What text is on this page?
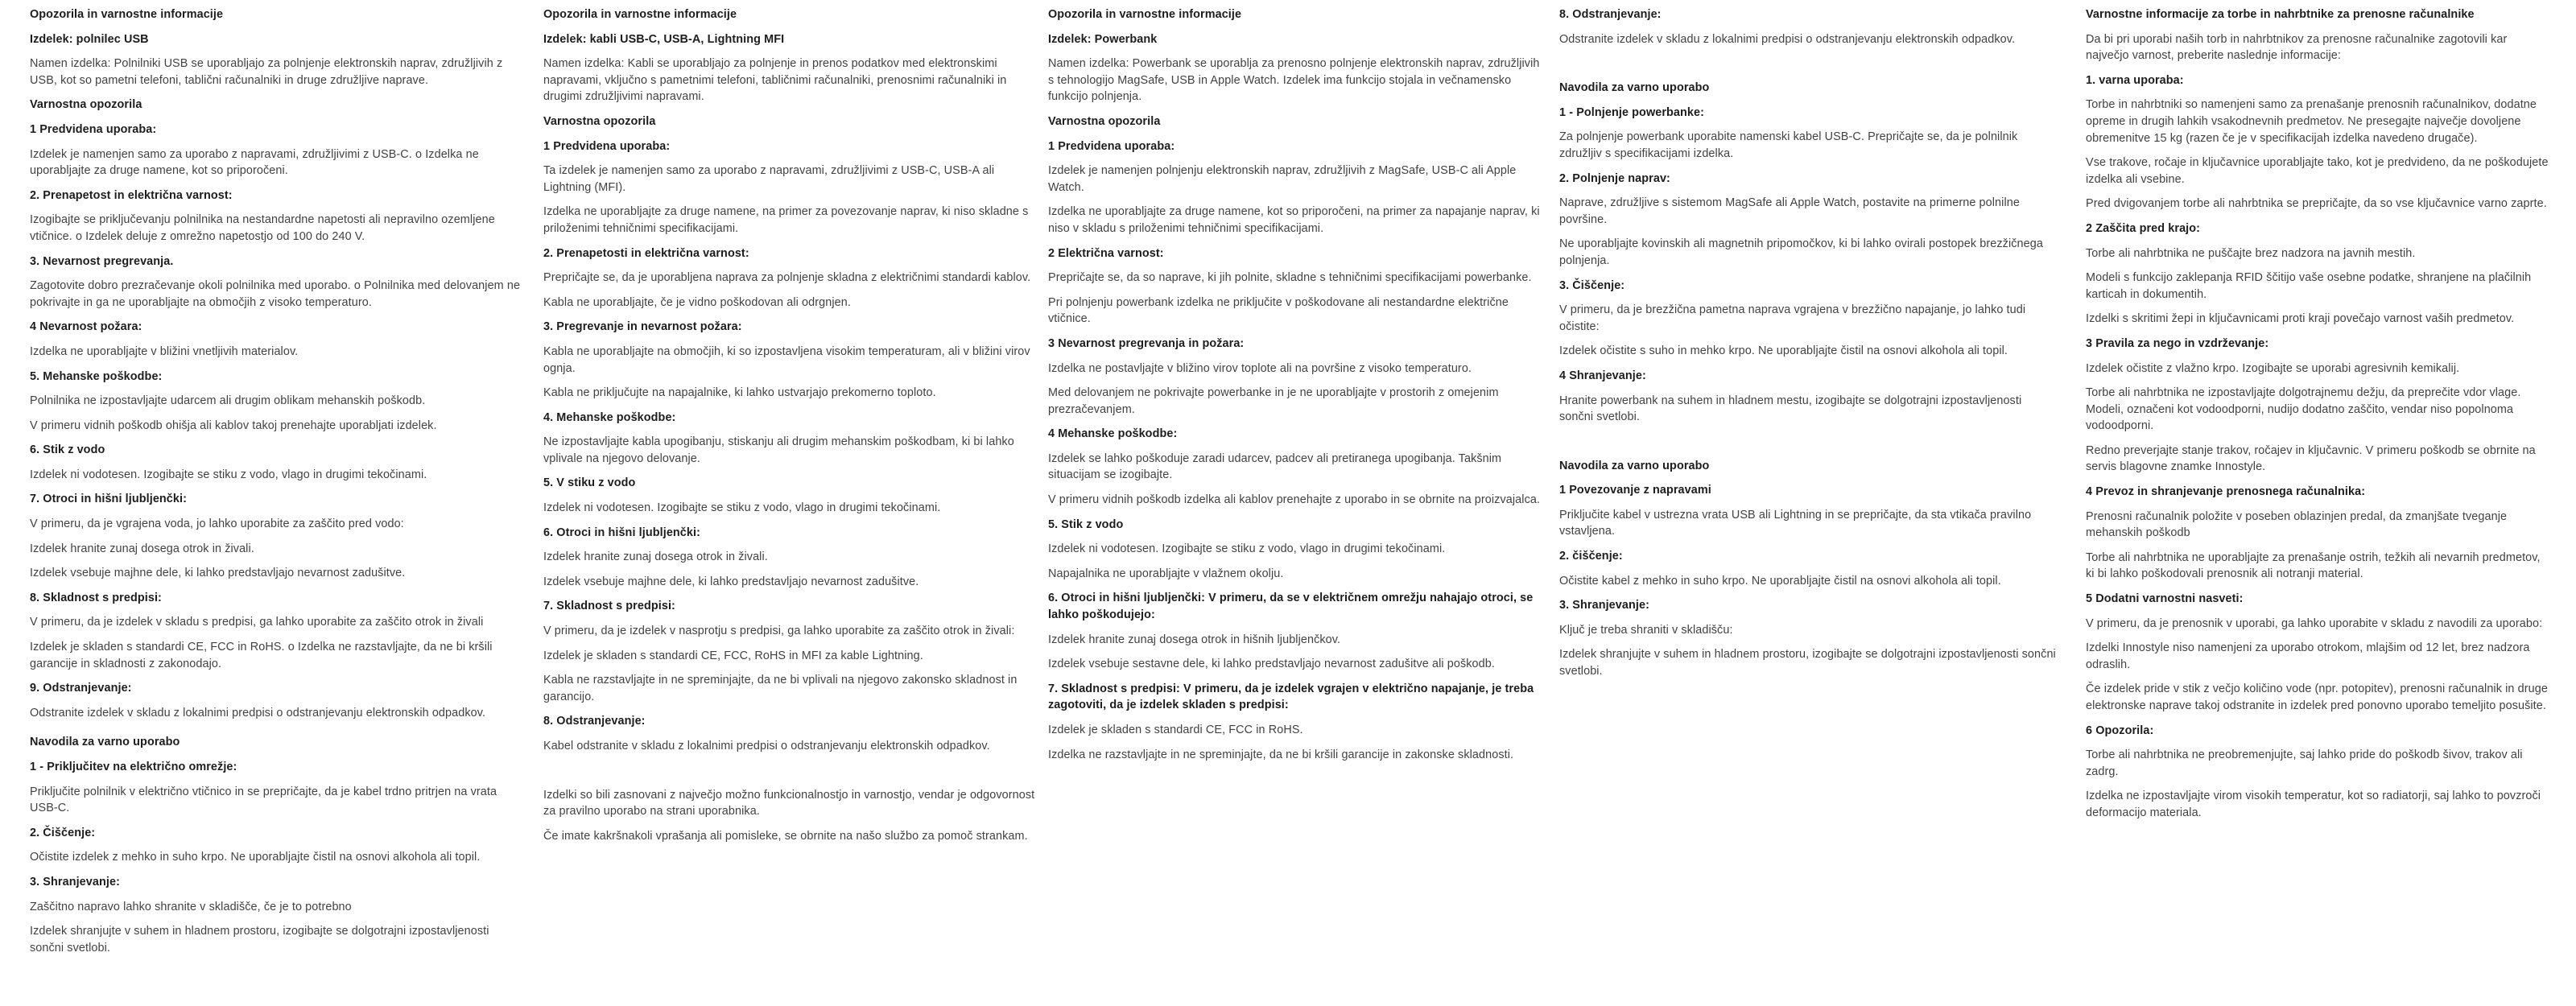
Opozorila in varnostne informacije
Izdelek: polnilec USB
Namen izdelka: Polnilniki USB se uporabljajo za polnjenje elektronskih naprav, združljivih z USB, kot so pametni telefoni, tablični računalniki in druge združljive naprave.
Varnostna opozorila
1 Predvidena uporaba:
Izdelek je namenjen samo za uporabo z napravami, združljivimi z USB-C. o Izdelka ne uporabljajte za druge namene, kot so priporočeni.
2. Prenapetost in električna varnost:
Izogibajte se priključevanju polnilnika na nestandardne napetosti ali nepravilno ozemljene vtičnice. o Izdelek deluje z omrežno napetostjo od 100 do 240 V.
3. Nevarnost pregrevanja.
Zagotovite dobro prezračevanje okoli polnilnika med uporabo. o Polnilnika med delovanjem ne pokrivajte in ga ne uporabljajte na območjih z visoko temperaturo.
4 Nevarnost požara:
Izdelka ne uporabljajte v bližini vnetljivih materialov.
5. Mehanske poškodbe:
Polnilnika ne izpostavljajte udarcem ali drugim oblikam mehanskih poškodb.
V primeru vidnih poškodb ohišja ali kablov takoj prenehajte uporabljati izdelek.
6. Stik z vodo
Izdelek ni vodotesen. Izogibajte se stiku z vodo, vlago in drugimi tekočinami.
7. Otroci in hišni ljubljenčki:
V primeru, da je vgrajena voda, jo lahko uporabite za zaščito pred vodo:
Izdelek hranite zunaj dosega otrok in živali.
Izdelek vsebuje majhne dele, ki lahko predstavljajo nevarnost zadušitve.
8. Skladnost s predpisi:
V primeru, da je izdelek v skladu s predpisi, ga lahko uporabite za zaščito otrok in živali
Izdelek je skladen s standardi CE, FCC in RoHS. o Izdelka ne razstavljajte, da ne bi kršili garancije in skladnosti z zakonodajo.
9. Odstranjevanje:
Odstranite izdelek v skladu z lokalnimi predpisi o odstranjevanju elektronskih odpadkov.
Navodila za varno uporabo
1 - Priključitev na električno omrežje:
Priključite polnilnik v električno vtičnico in se prepričajte, da je kabel trdno pritrjen na vrata USB-C.
2. Čiščenje:
Očistite izdelek z mehko in suho krpo. Ne uporabljajte čistil na osnovi alkohola ali topil.
3. Shranjevanje:
Zaščitno napravo lahko shranite v skladišče, če je to potrebno
Izdelek shranjujte v suhem in hladnem prostoru, izogibajte se dolgotrajni izpostavljenosti sončni svetlobi.
Opozorila in varnostne informacije
Izdelek: kabli USB-C, USB-A, Lightning MFI
Namen izdelka: Kabli se uporabljajo za polnjenje in prenos podatkov med elektronskimi napravami, vključno s pametnimi telefoni, tabličnimi računalniki, prenosnimi računalniki in drugimi združljivimi napravami.
Varnostna opozorila
1 Predvidena uporaba:
Ta izdelek je namenjen samo za uporabo z napravami, združljivimi z USB-C, USB-A ali Lightning (MFI).
Izdelka ne uporabljajte za druge namene, na primer za povezovanje naprav, ki niso skladne s priloženimi tehničnimi specifikacijami.
2. Prenapetosti in električna varnost:
Prepričajte se, da je uporabljena naprava za polnjenje skladna z električnimi standardi kablov.
Kabla ne uporabljajte, če je vidno poškodovan ali odrgnjen.
3. Pregrevanje in nevarnost požara:
Kabla ne uporabljajte na območjih, ki so izpostavljena visokim temperaturam, ali v bližini virov ognja.
Kabla ne priključujte na napajalnike, ki lahko ustvarjajo prekomerno toploto.
4. Mehanske poškodbe:
Ne izpostavljajte kabla upogibanju, stiskanju ali drugim mehanskim poškodbam, ki bi lahko vplivale na njegovo delovanje.
5. V stiku z vodo
Izdelek ni vodotesen. Izogibajte se stiku z vodo, vlago in drugimi tekočinami.
6. Otroci in hišni ljubljenčki:
Izdelek hranite zunaj dosega otrok in živali.
Izdelek vsebuje majhne dele, ki lahko predstavljajo nevarnost zadušitve.
7. Skladnost s predpisi:
V primeru, da je izdelek v nasprotju s predpisi, ga lahko uporabite za zaščito otrok in živali:
Izdelek je skladen s standardi CE, FCC, RoHS in MFI za kable Lightning.
Kabla ne razstavljajte in ne spreminjajte, da ne bi vplivali na njegovo zakonsko skladnost in garancijo.
8. Odstranjevanje:
Kabel odstranite v skladu z lokalnimi predpisi o odstranjevanju elektronskih odpadkov.
Izdelki so bili zasnovani z največjo možno funkcionalnostjo in varnostjo, vendar je odgovornost za pravilno uporabo na strani uporabnika.
Če imate kakršnakoli vprašanja ali pomisleke, se obrnite na našo službo za pomoč strankam.
Opozorila in varnostne informacije
Izdelek: Powerbank
Namen izdelka: Powerbank se uporablja za prenosno polnjenje elektronskih naprav, združljivih s tehnologijo MagSafe, USB in Apple Watch. Izdelek ima funkcijo stojala in večnamensko funkcijo polnjenja.
Varnostna opozorila
1 Predvidena uporaba:
Izdelek je namenjen polnjenju elektronskih naprav, združljivih z MagSafe, USB-C ali Apple Watch.
Izdelka ne uporabljajte za druge namene, kot so priporočeni, na primer za napajanje naprav, ki niso v skladu s priloženimi tehničnimi specifikacijami.
2 Električna varnost:
Prepričajte se, da so naprave, ki jih polnite, skladne s tehničnimi specifikacijami powerbanke.
Pri polnjenju powerbank izdelka ne priključite v poškodovane ali nestandardne električne vtičnice.
3 Nevarnost pregrevanja in požara:
Izdelka ne postavljajte v bližino virov toplote ali na površine z visoko temperaturo.
Med delovanjem ne pokrivajte powerbanke in je ne uporabljajte v prostorih z omejenim prezračevanjem.
4 Mehanske poškodbe:
Izdelek se lahko poškoduje zaradi udarcev, padcev ali pretiranega upogibanja. Takšnim situacijam se izogibajte.
V primeru vidnih poškodb izdelka ali kablov prenehajte z uporabo in se obrnite na proizvajalca.
5. Stik z vodo
Izdelek ni vodotesen. Izogibajte se stiku z vodo, vlago in drugimi tekočinami.
Napajalnika ne uporabljajte v vlažnem okolju.
6. Otroci in hišni ljubljenčki: V primeru, da se v električnem omrežju nahajajo otroci, se lahko poškodujejo:
Izdelek hranite zunaj dosega otrok in hišnih ljubljenčkov.
Izdelek vsebuje sestavne dele, ki lahko predstavljajo nevarnost zadušitve ali poškodb.
7. Skladnost s predpisi: V primeru, da je izdelek vgrajen v električno napajanje, je treba zagotoviti, da je izdelek skladen s predpisi:
Izdelek je skladen s standardi CE, FCC in RoHS.
Izdelka ne razstavljajte in ne spreminjajte, da ne bi kršili garancije in zakonske skladnosti.
8. Odstranjevanje:
Odstranite izdelek v skladu z lokalnimi predpisi o odstranjevanju elektronskih odpadkov.
Navodila za varno uporabo
1 - Polnjenje powerbanke:
Za polnjenje powerbank uporabite namenski kabel USB-C. Prepričajte se, da je polnilnik združljiv s specifikacijami izdelka.
2. Polnjenje naprav:
Naprave, združljive s sistemom MagSafe ali Apple Watch, postavite na primerne polnilne površine.
Ne uporabljajte kovinskih ali magnetnih pripomočkov, ki bi lahko ovirali postopek brezžičnega polnjenja.
3. Čiščenje:
V primeru, da je brezžična pametna naprava vgrajena v brezžično napajanje, jo lahko tudi očistite:
Izdelek očistite s suho in mehko krpo. Ne uporabljajte čistil na osnovi alkohola ali topil.
4 Shranjevanje:
Hranite powerbank na suhem in hladnem mestu, izogibajte se dolgotrajni izpostavljenosti sončni svetlobi.
Navodila za varno uporabo
1 Povezovanje z napravami
Priključite kabel v ustrezna vrata USB ali Lightning in se prepričajte, da sta vtikača pravilno vstavljena.
2. čiščenje:
Očistite kabel z mehko in suho krpo. Ne uporabljajte čistil na osnovi alkohola ali topil.
3. Shranjevanje:
Ključ je treba shraniti v skladišču:
Izdelek shranjujte v suhem in hladnem prostoru, izogibajte se dolgotrajni izpostavljenosti sončni svetlobi.
Varnostne informacije za torbe in nahrbtnike za prenosne računalnike
Da bi pri uporabi naših torb in nahrbtnikov za prenosne računalnike zagotovili kar največjo varnost, preberite naslednje informacije:
1. varna uporaba:
Torbe in nahrbtniki so namenjeni samo za prenašanje prenosnih računalnikov, dodatne opreme in drugih lahkih vsakodnevnih predmetov. Ne presegajte največje dovoljene obremenitve 15 kg (razen če je v specifikacijah izdelka navedeno drugače).
Vse trakove, ročaje in ključavnice uporabljajte tako, kot je predvideno, da ne poškodujete izdelka ali vsebine.
Pred dvigovanjem torbe ali nahrbtnika se prepričajte, da so vse ključavnice varno zaprte.
2 Zaščita pred krajo:
Torbe ali nahrbtnika ne puščajte brez nadzora na javnih mestih.
Modeli s funkcijo zaklepanja RFID ščitijo vaše osebne podatke, shranjene na plačilnih karticah in dokumentih.
Izdelki s skritimi žepi in ključavnicami proti kraji povečajo varnost vaših predmetov.
3 Pravila za nego in vzdrževanje:
Izdelek očistite z vlažno krpo. Izogibajte se uporabi agresivnih kemikalij.
Torbe ali nahrbtnika ne izpostavljajte dolgotrajnemu dežju, da preprečite vdor vlage. Modeli, označeni kot vodoodporni, nudijo dodatno zaščito, vendar niso popolnoma vodoodporni.
Redno preverjajte stanje trakov, ročajev in ključavnic. V primeru poškodb se obrnite na servis blagovne znamke Innostyle.
4 Prevoz in shranjevanje prenosnega računalnika:
Prenosni računalnik položite v poseben oblazinjen predal, da zmanjšate tveganje mehanskih poškodb
Torbe ali nahrbtnika ne uporabljajte za prenašanje ostrih, težkih ali nevarnih predmetov, ki bi lahko poškodovali prenosnik ali notranji material.
5 Dodatni varnostni nasveti:
V primeru, da je prenosnik v uporabi, ga lahko uporabite v skladu z navodili za uporabo:
Izdelki Innostyle niso namenjeni za uporabo otrokom, mlajšim od 12 let, brez nadzora odraslih.
Če izdelek pride v stik z večjo količino vode (npr. potopitev), prenosni računalnik in druge elektronske naprave takoj odstranite in izdelek pred ponovno uporabo temeljito posušite.
6 Opozorila:
Torbe ali nahrbtnika ne preobremenjujte, saj lahko pride do poškodb šivov, trakov ali zadrg.
Izdelka ne izpostavljajte virom visokih temperatur, kot so radiatorji, saj lahko to povzroči deformacijo materiala.
